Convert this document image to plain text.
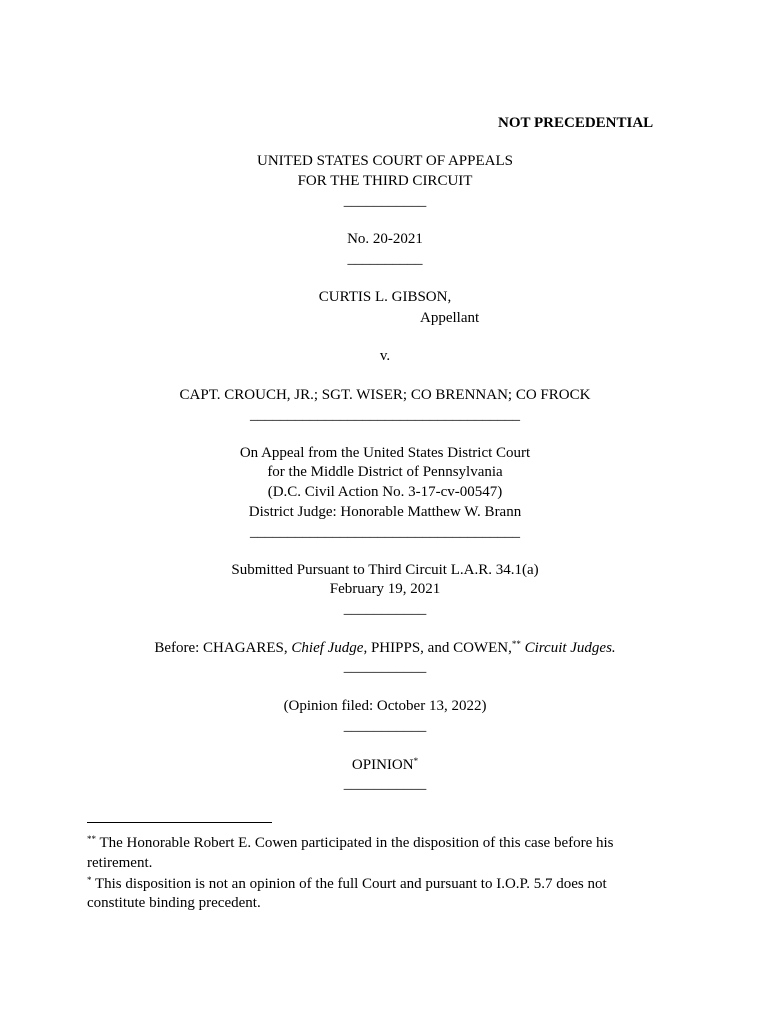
NOT PRECEDENTIAL
UNITED STATES COURT OF APPEALS
FOR THE THIRD CIRCUIT
___________
No. 20-2021
__________
CURTIS L. GIBSON,
Appellant
v.
CAPT. CROUCH, JR.; SGT. WISER; CO BRENNAN; CO FROCK
____________________________________
On Appeal from the United States District Court
for the Middle District of Pennsylvania
(D.C. Civil Action No. 3-17-cv-00547)
District Judge: Honorable Matthew W. Brann
____________________________________
Submitted Pursuant to Third Circuit L.A.R. 34.1(a)
February 19, 2021
___________
Before: CHAGARES, Chief Judge, PHIPPS, and COWEN,** Circuit Judges.
___________
(Opinion filed: October 13, 2022)
___________
OPINION*
___________
** The Honorable Robert E. Cowen participated in the disposition of this case before his
retirement.
* This disposition is not an opinion of the full Court and pursuant to I.O.P. 5.7 does not
constitute binding precedent.
